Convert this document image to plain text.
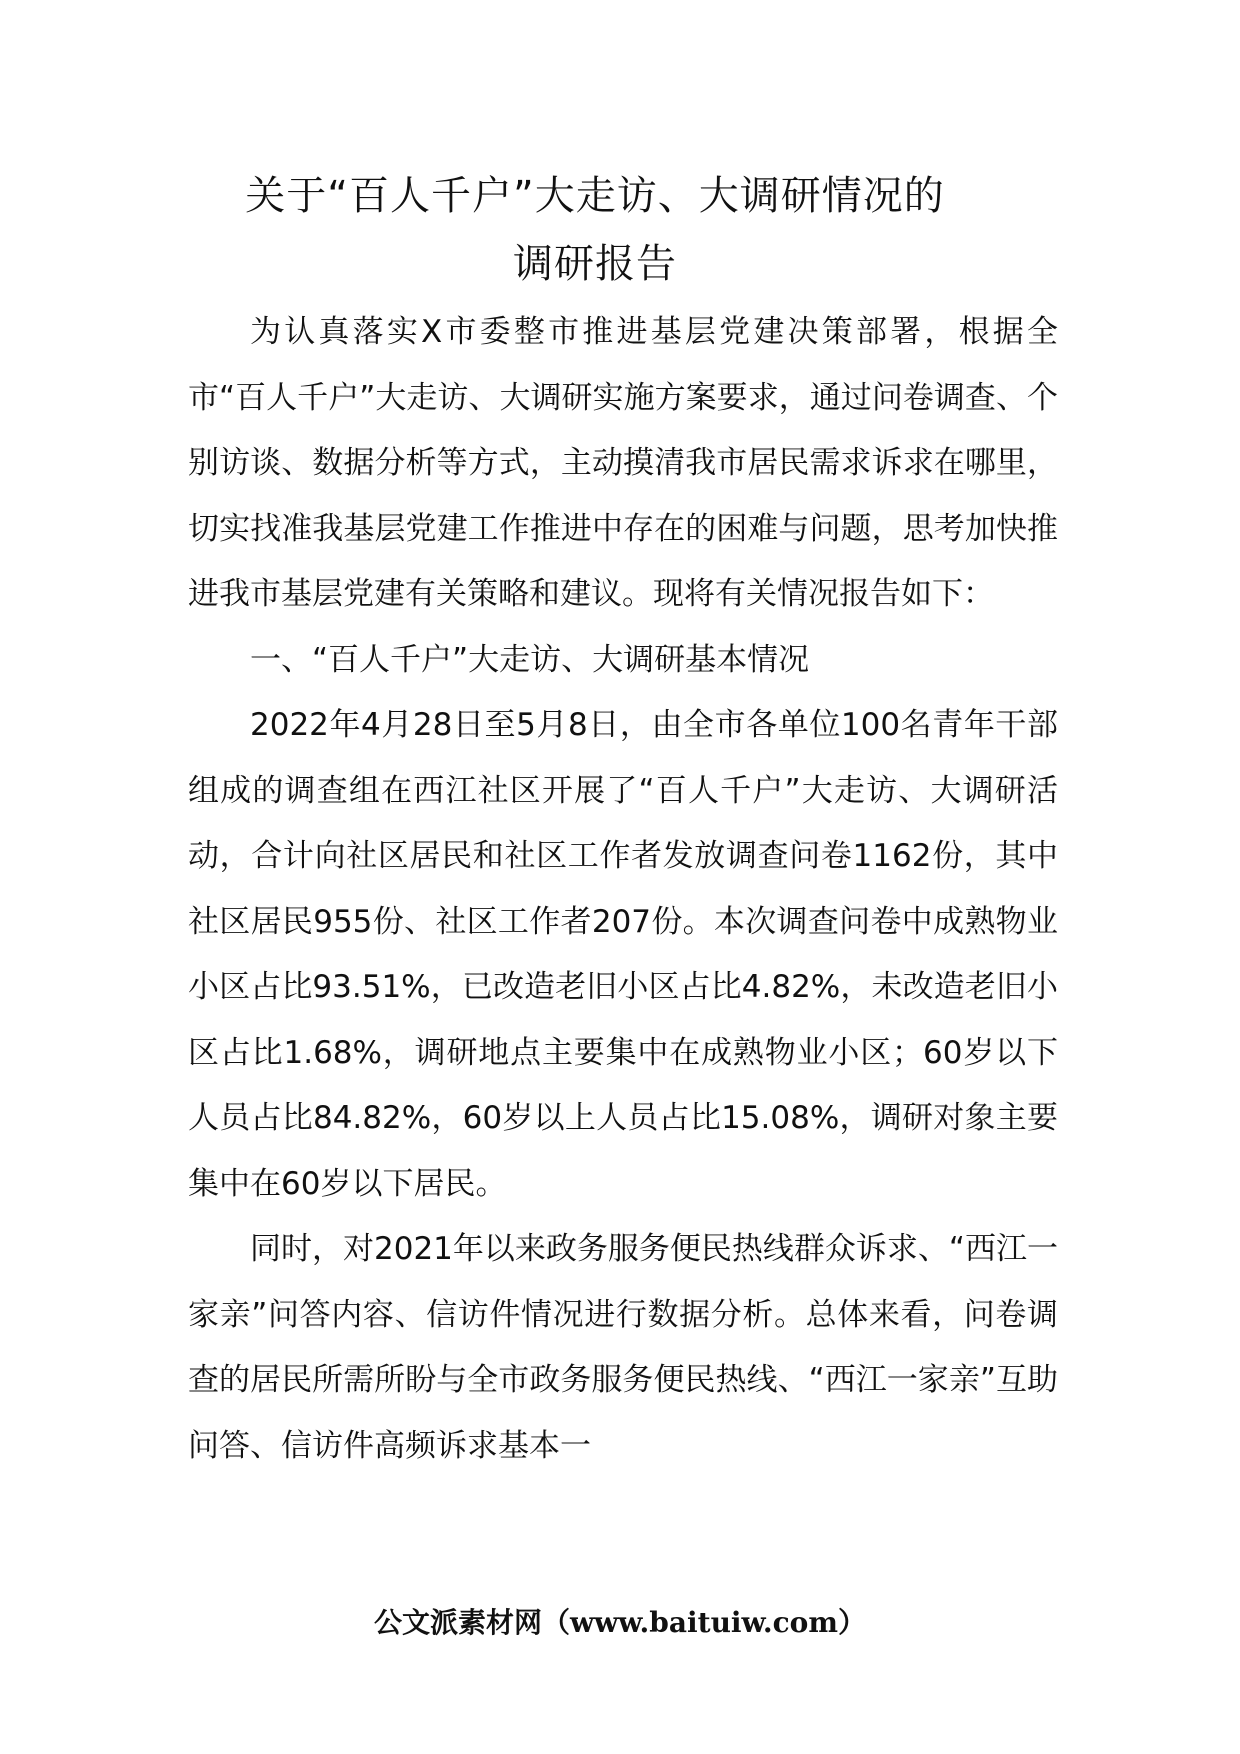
关于“百人千户”大走访、大调研情况的
调研报告

为认真落实X市委整市推进基层党建决策部署，根据全市“百人千户”大走访、大调研实施方案要求，通过问卷调查、个别访谈、数据分析等方式，主动摸清我市居民需求诉求在哪里，切实找准我基层党建工作推进中存在的困难与问题，思考加快推进我市基层党建有关策略和建议。现将有关情况报告如下：

一、“百人千户”大走访、大调研基本情况

2022年4月28日至5月8日，由全市各单位100名青年干部组成的调查组在西江社区开展了“百人千户”大走访、大调研活动，合计向社区居民和社区工作者发放调查问卷1162份，其中社区居民955份、社区工作者207份。本次调查问卷中成熟物业小区占比93.51%，已改造老旧小区占比4.82%，未改造老旧小区占比1.68%，调研地点主要集中在成熟物业小区；60岁以下人员占比84.82%，60岁以上人员占比15.08%，调研对象主要集中在60岁以下居民。

同时，对2021年以来政务服务便民热线群众诉求、“西江一家亲”问答内容、信访件情况进行数据分析。总体来看，问卷调查的居民所需所盼与全市政务服务便民热线、“西江一家亲”互助问答、信访件高频诉求基本一

公文派素材网（www.baituiw.com）
